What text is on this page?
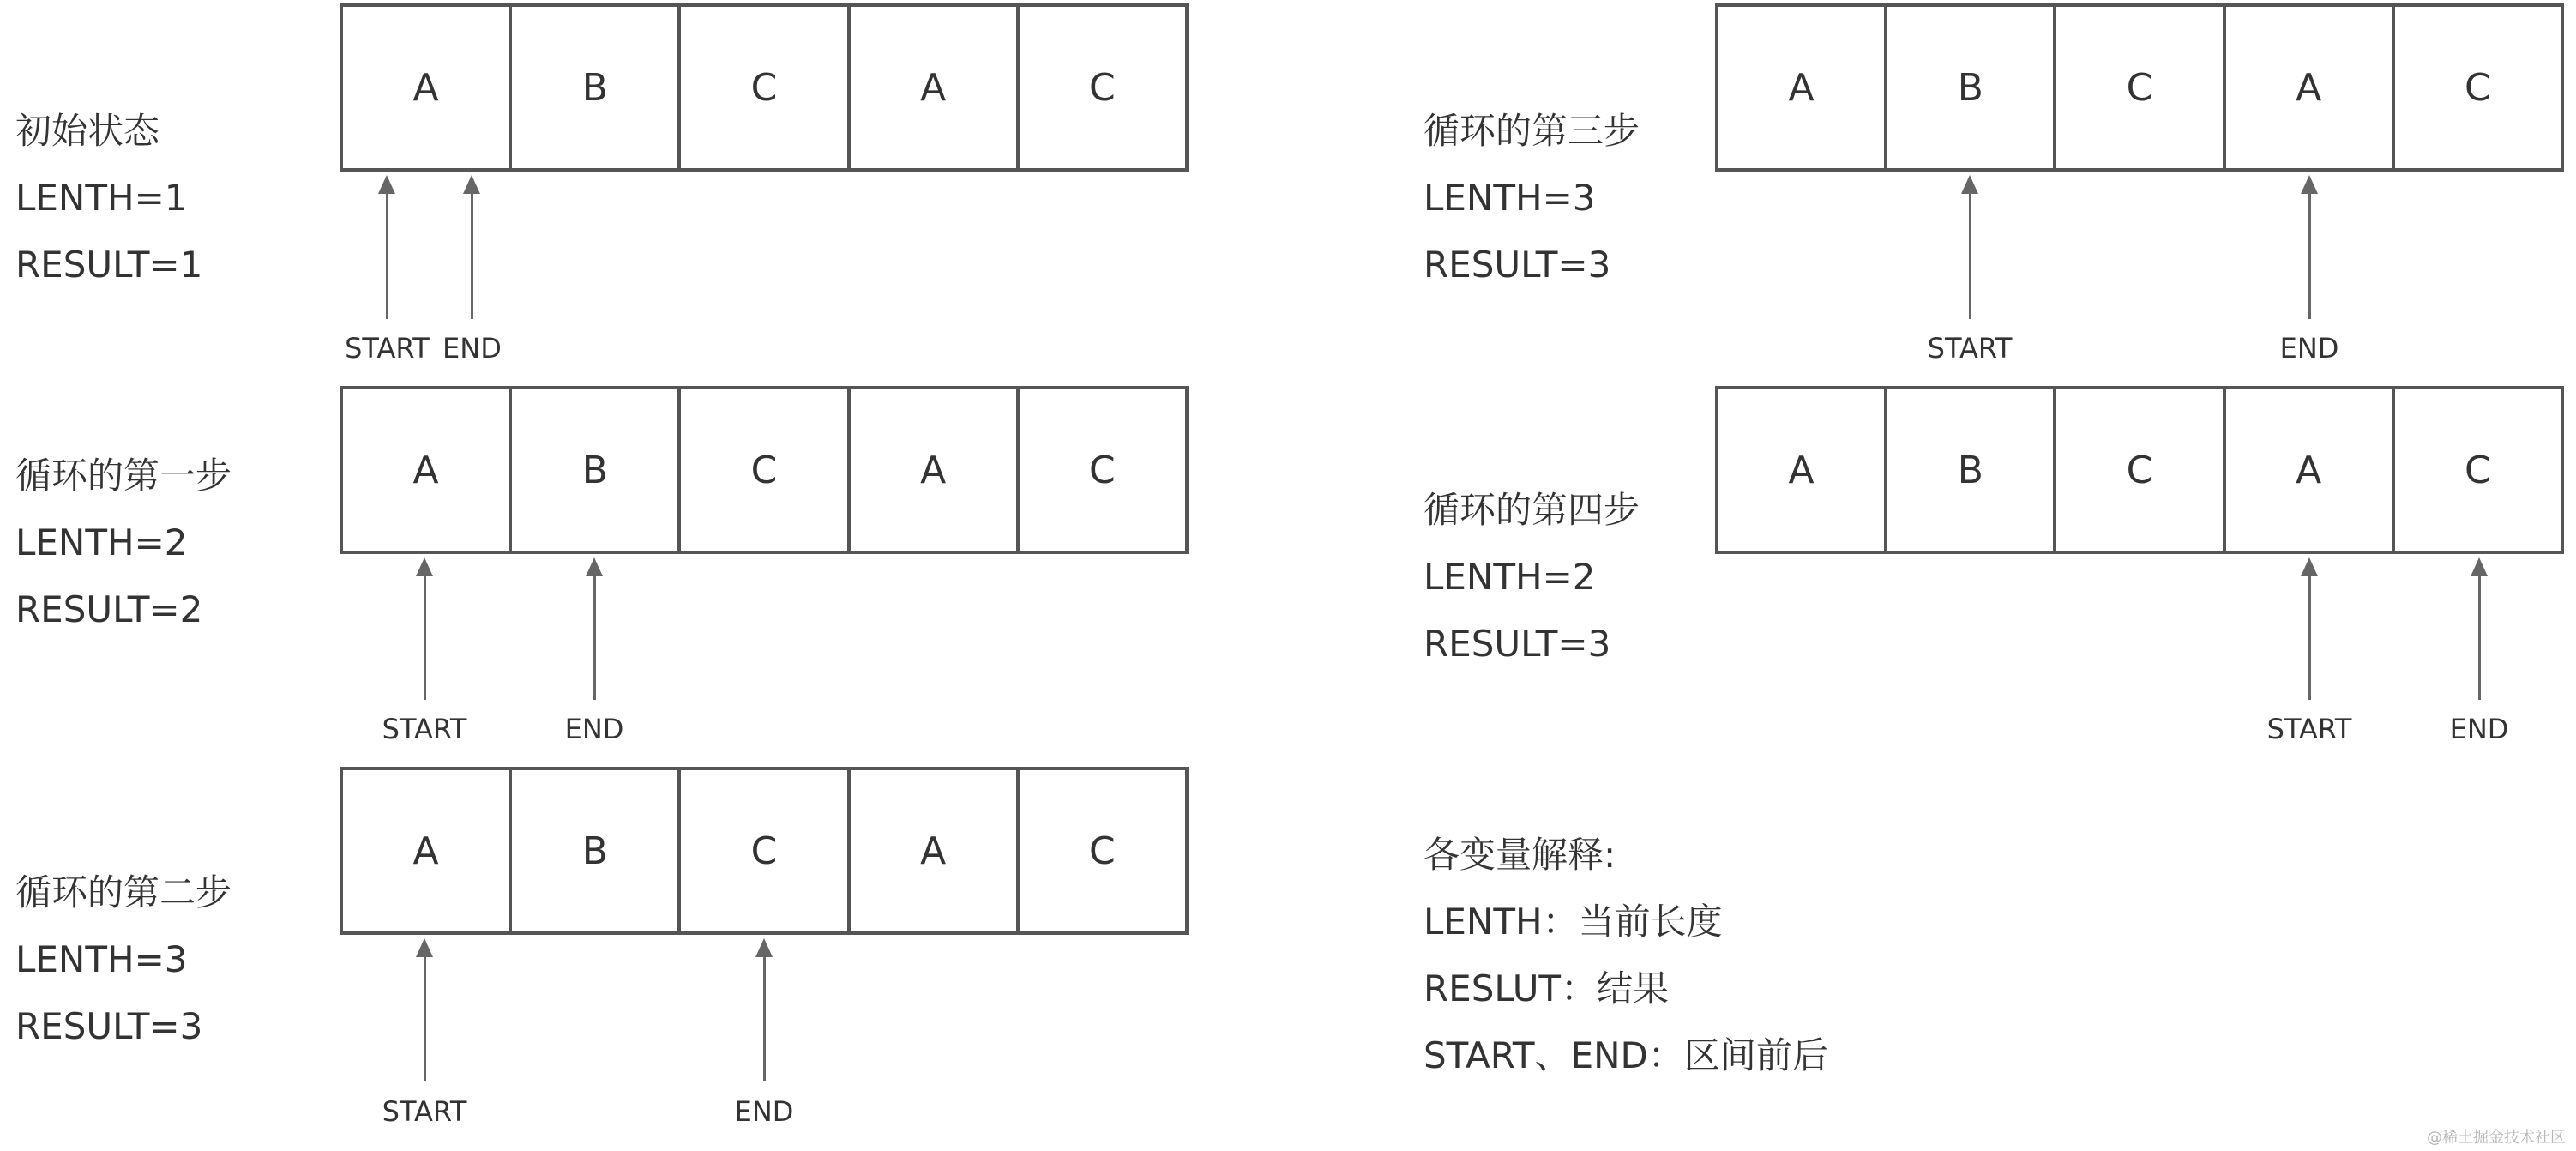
初始状态
LENTH=1
RESULT=1
A	B	C	A	C
START END
循环的第一步
LENTH=2
RESULT=2
A	B	C	A	C
START	END
循环的第二步
LENTH=3
RESULT=3
A	B	C	A	C
START	END
循环的第三步
LENTH=3
RESULT=3
A	B	C	A	C
START	END
循环的第四步
LENTH=2
RESULT=3
A	B	C	A	C
START	END
各变量解释:
LENTH：当前长度
RESLUT：结果
START、END：区间前后
@稀土掘金技术社区
